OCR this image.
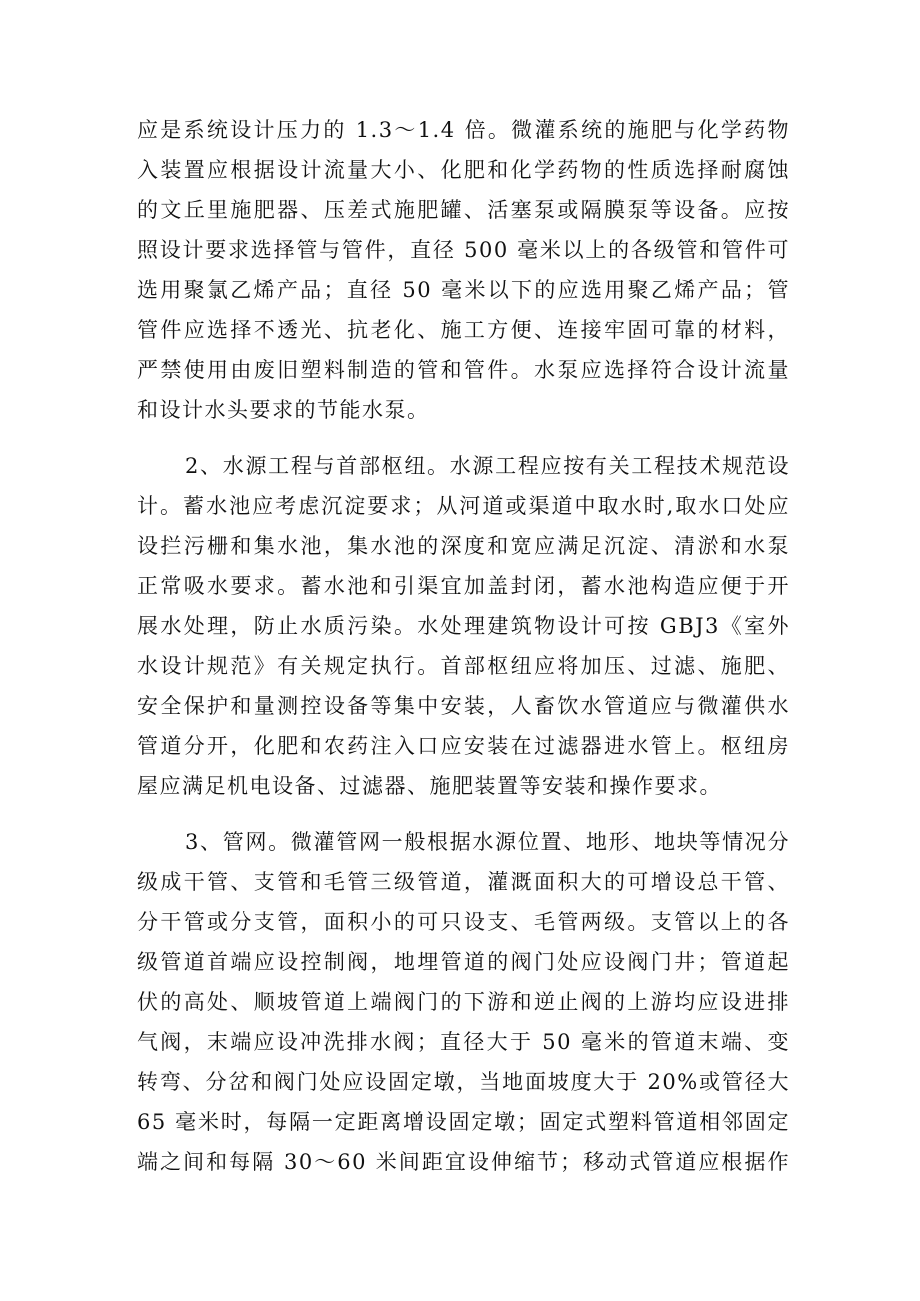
应是系统设计压力的 1.3～1.4 倍。微灌系统的施肥与化学药物
入装置应根据设计流量大小、化肥和化学药物的性质选择耐腐蚀
的文丘里施肥器、压差式施肥罐、活塞泵或隔膜泵等设备。应按
照设计要求选择管与管件，直径 500 毫米以上的各级管和管件可
选用聚氯乙烯产品；直径 50 毫米以下的应选用聚乙烯产品；管
管件应选择不透光、抗老化、施工方便、连接牢固可靠的材料，
严禁使用由废旧塑料制造的管和管件。水泵应选择符合设计流量
和设计水头要求的节能水泵。
2、水源工程与首部枢纽。水源工程应按有关工程技术规范设
计。蓄水池应考虑沉淀要求；从河道或渠道中取水时,取水口处应
设拦污栅和集水池，集水池的深度和宽应满足沉淀、清淤和水泵
正常吸水要求。蓄水池和引渠宜加盖封闭，蓄水池构造应便于开
展水处理，防止水质污染。水处理建筑物设计可按 GBJ3《室外
水设计规范》有关规定执行。首部枢纽应将加压、过滤、施肥、
安全保护和量测控设备等集中安装，人畜饮水管道应与微灌供水
管道分开，化肥和农药注入口应安装在过滤器进水管上。枢纽房
屋应满足机电设备、过滤器、施肥装置等安装和操作要求。
3、管网。微灌管网一般根据水源位置、地形、地块等情况分
级成干管、支管和毛管三级管道，灌溉面积大的可增设总干管、
分干管或分支管，面积小的可只设支、毛管两级。支管以上的各
级管道首端应设控制阀，地埋管道的阀门处应设阀门井；管道起
伏的高处、顺坡管道上端阀门的下游和逆止阀的上游均应设进排
气阀，末端应设冲洗排水阀；直径大于 50 毫米的管道末端、变
转弯、分岔和阀门处应设固定墩，当地面坡度大于 20%或管径大
65 毫米时，每隔一定距离增设固定墩；固定式塑料管道相邻固定
端之间和每隔 30～60 米间距宜设伸缩节；移动式管道应根据作
